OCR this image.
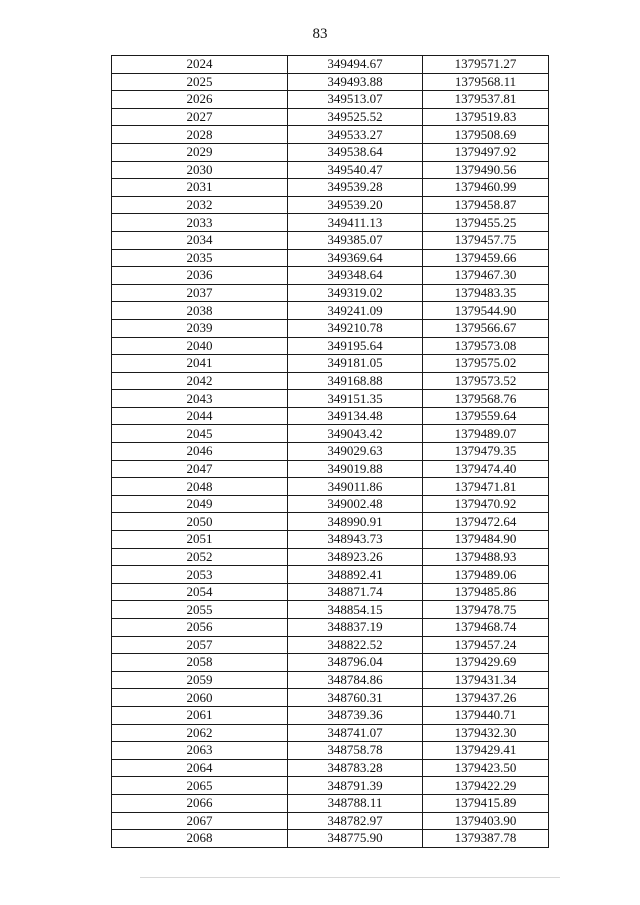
83
2024	349494.67	1379571.27
2025	349493.88	1379568.11
2026	349513.07	1379537.81
2027	349525.52	1379519.83
2028	349533.27	1379508.69
2029	349538.64	1379497.92
2030	349540.47	1379490.56
2031	349539.28	1379460.99
2032	349539.20	1379458.87
2033	349411.13	1379455.25
2034	349385.07	1379457.75
2035	349369.64	1379459.66
2036	349348.64	1379467.30
2037	349319.02	1379483.35
2038	349241.09	1379544.90
2039	349210.78	1379566.67
2040	349195.64	1379573.08
2041	349181.05	1379575.02
2042	349168.88	1379573.52
2043	349151.35	1379568.76
2044	349134.48	1379559.64
2045	349043.42	1379489.07
2046	349029.63	1379479.35
2047	349019.88	1379474.40
2048	349011.86	1379471.81
2049	349002.48	1379470.92
2050	348990.91	1379472.64
2051	348943.73	1379484.90
2052	348923.26	1379488.93
2053	348892.41	1379489.06
2054	348871.74	1379485.86
2055	348854.15	1379478.75
2056	348837.19	1379468.74
2057	348822.52	1379457.24
2058	348796.04	1379429.69
2059	348784.86	1379431.34
2060	348760.31	1379437.26
2061	348739.36	1379440.71
2062	348741.07	1379432.30
2063	348758.78	1379429.41
2064	348783.28	1379423.50
2065	348791.39	1379422.29
2066	348788.11	1379415.89
2067	348782.97	1379403.90
2068	348775.90	1379387.78
